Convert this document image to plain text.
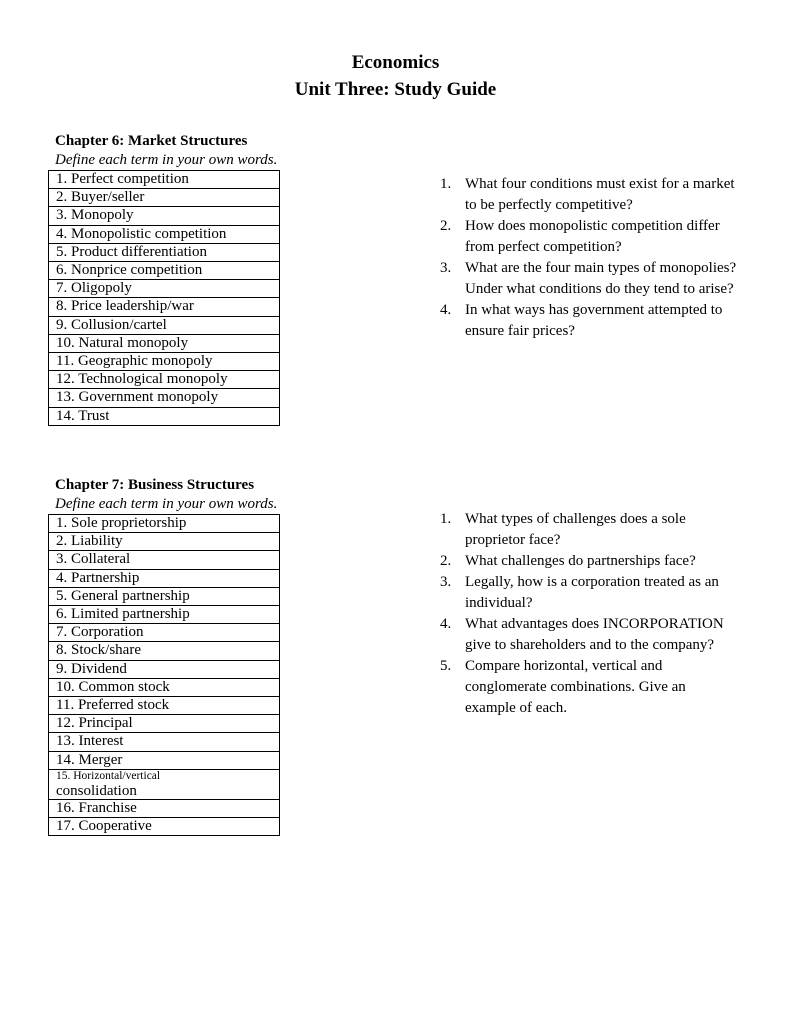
Economics
Unit Three: Study Guide

Chapter 6: Market Structures

Define each term in your own words.

1. Perfect competition
2. Buyer/seller
3. Monopoly
4. Monopolistic competition
5. Product differentiation
6. Nonprice competition
7. Oligopoly
8. Price leadership/war
9. Collusion/cartel
10. Natural monopoly
11. Geographic monopoly
12. Technological monopoly
13. Government monopoly
14. Trust
1. What four conditions must exist for a market to be perfectly competitive?
2. How does monopolistic competition differ from perfect competition?
3. What are the four main types of monopolies? Under what conditions do they tend to arise?
4. In what ways has government attempted to ensure fair prices?

Chapter 7: Business Structures

Define each term in your own words.

1. Sole proprietorship
2. Liability
3. Collateral
4. Partnership
5. General partnership
6. Limited partnership
7. Corporation
8. Stock/share
9. Dividend
10. Common stock
11. Preferred stock
12. Principal
13. Interest
14. Merger

15. Horizontal/vertical
consolidation

16. Franchise
17. Cooperative
1. What types of challenges does a sole proprietor face?
2. What challenges do partnerships face?
3. Legally, how is a corporation treated as an individual?
4. What advantages does INCORPORATION give to shareholders and to the company?
5. Compare horizontal, vertical and conglomerate combinations. Give an example of each.
